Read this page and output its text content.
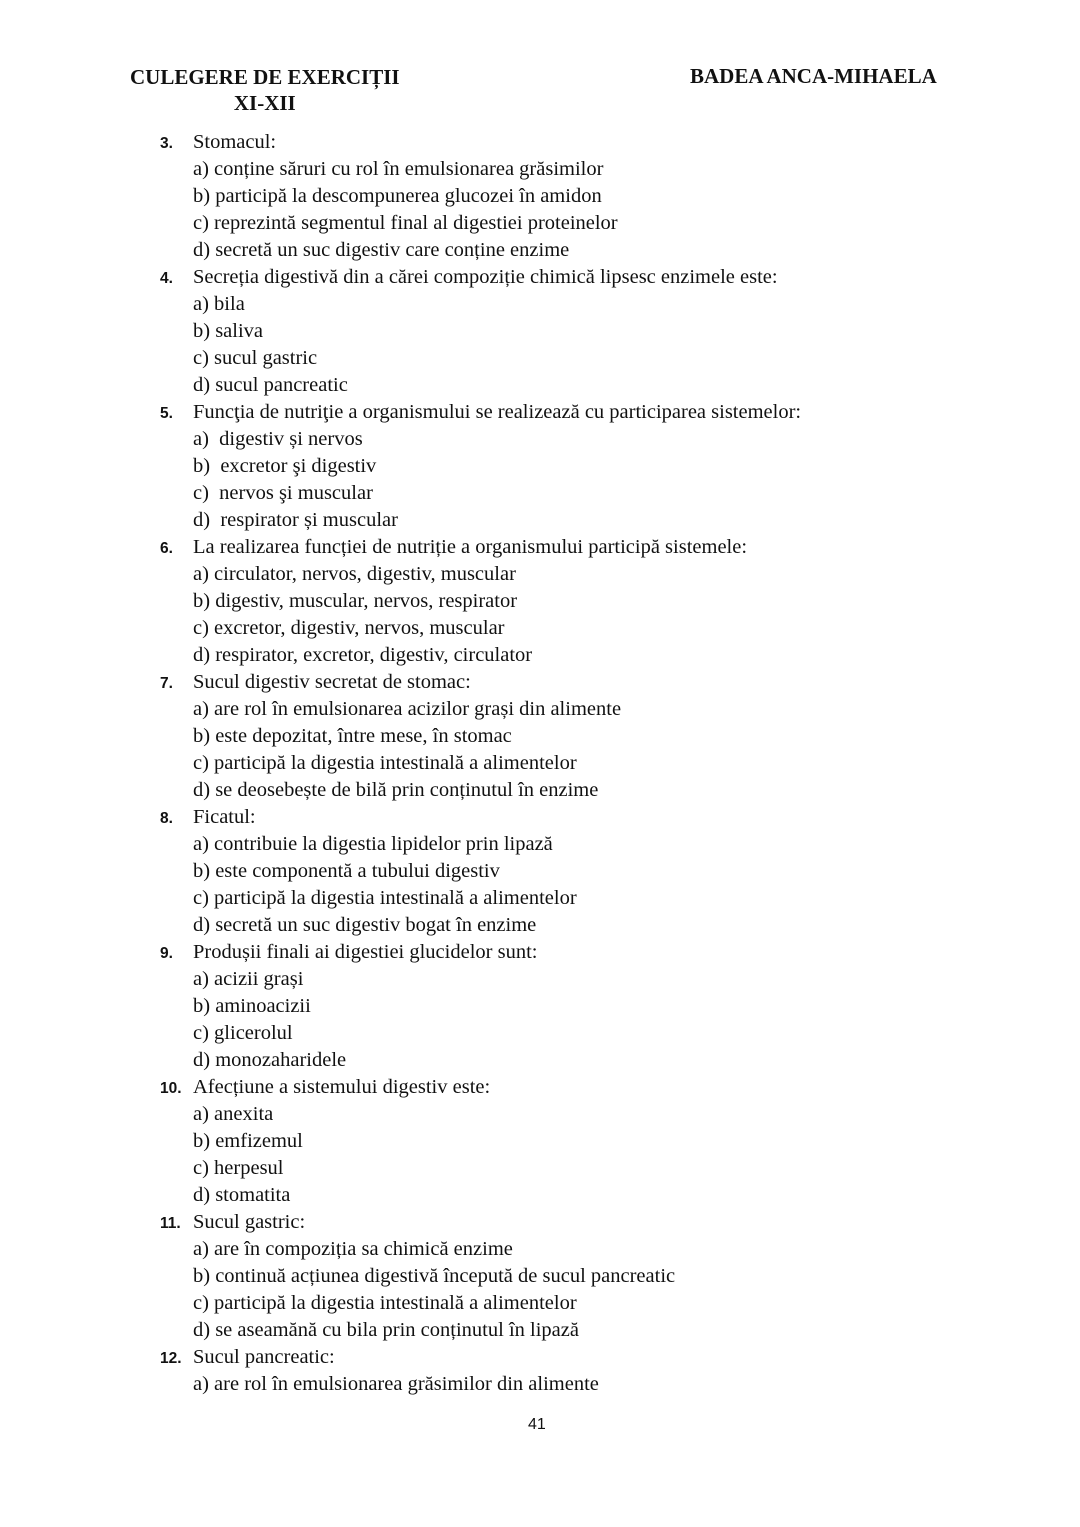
CULEGERE DE EXERCIȚII
XI-XII
BADEA ANCA-MIHAELA
3. Stomacul:
a) conține săruri cu rol în emulsionarea grăsimilor
b) participă la descompunerea glucozei în amidon
c) reprezintă segmentul final al digestiei proteinelor
d) secretă un suc digestiv care conține enzime
4. Secreția digestivă din a cărei compoziție chimică lipsesc enzimele este:
a) bila
b) saliva
c) sucul gastric
d) sucul pancreatic
5. Funcţia de nutriţie a organismului se realizează cu participarea sistemelor:
a)  digestiv și nervos
b)  excretor şi digestiv
c)  nervos şi muscular
d)  respirator și muscular
6. La realizarea funcției de nutriție a organismului participă sistemele:
a) circulator, nervos, digestiv, muscular
b) digestiv, muscular, nervos, respirator
c) excretor, digestiv, nervos, muscular
d) respirator, excretor, digestiv, circulator
7. Sucul digestiv secretat de stomac:
a) are rol în emulsionarea acizilor grași din alimente
b) este depozitat, între mese, în stomac
c) participă la digestia intestinală a alimentelor
d) se deosebește de bilă prin conținutul în enzime
8. Ficatul:
a) contribuie la digestia lipidelor prin lipază
b) este componentă a tubului digestiv
c) participă la digestia intestinală a alimentelor
d) secretă un suc digestiv bogat în enzime
9. Produșii finali ai digestiei glucidelor sunt:
a) acizii grași
b) aminoacizii
c) glicerolul
d) monozaharidele
10. Afecțiune a sistemului digestiv este:
a) anexita
b) emfizemul
c) herpesul
d) stomatita
11. Sucul gastric:
a) are în compoziția sa chimică enzime
b) continuă acțiunea digestivă începută de sucul pancreatic
c) participă la digestia intestinală a alimentelor
d) se aseamănă cu bila prin conținutul în lipază
12. Sucul pancreatic:
a) are rol în emulsionarea grăsimilor din alimente
41
